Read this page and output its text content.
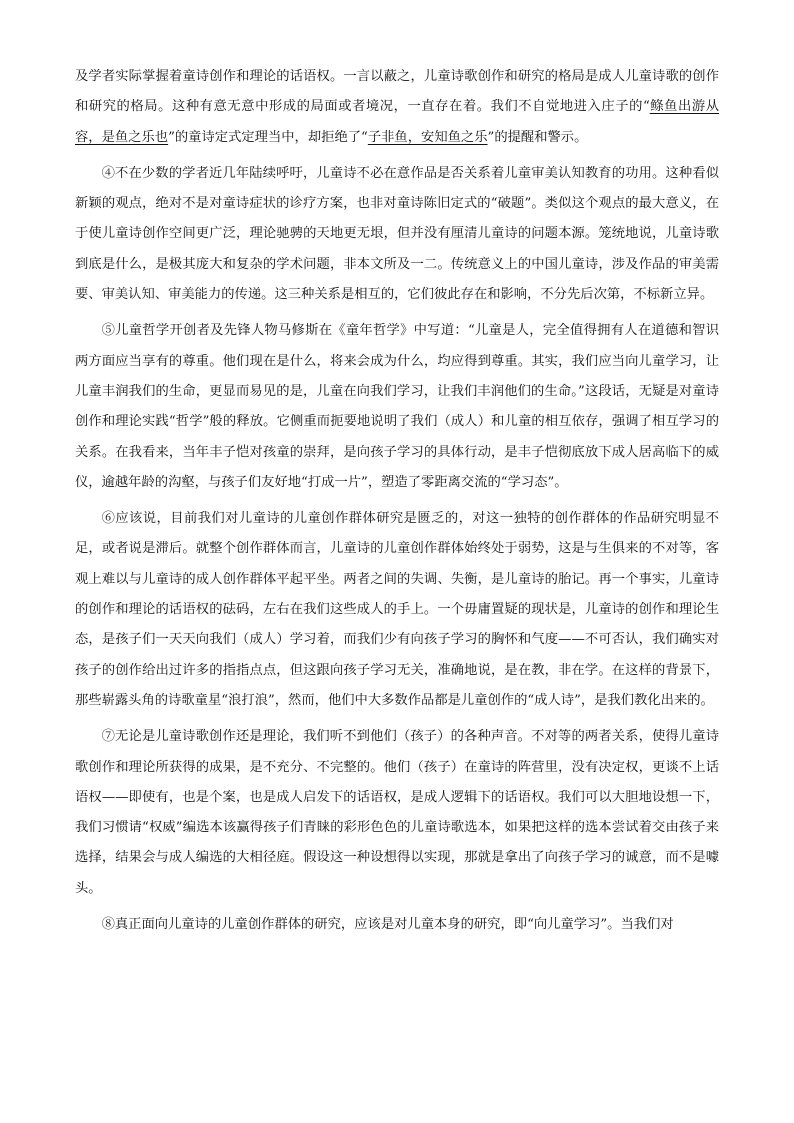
及学者实际掌握着童诗创作和理论的话语权。一言以蔽之，儿童诗歌创作和研究的格局是成人儿童诗歌的创作和研究的格局。这种有意无意中形成的局面或者境况，一直存在着。我们不自觉地进入庄子的“鲦鱼出游从容，是鱼之乐也”的童诗定式定理当中，却拒绝了“子非鱼，安知鱼之乐”的提醒和警示。

④不在少数的学者近几年陆续呼吁，儿童诗不必在意作品是否关系着儿童审美认知教育的功用。这种看似新颖的观点，绝对不是对童诗症状的诊疗方案，也非对童诗陈旧定式的“破题”。类似这个观点的最大意义，在于使儿童诗创作空间更广泛，理论驰骋的天地更无垠，但并没有厘清儿童诗的问题本源。笼统地说，儿童诗歌到底是什么，是极其庞大和复杂的学术问题，非本文所及一二。传统意义上的中国儿童诗，涉及作品的审美需要、审美认知、审美能力的传递。这三种关系是相互的，它们彼此存在和影响，不分先后次第，不标新立异。

⑤儿童哲学开创者及先锋人物马修斯在《童年哲学》中写道：“儿童是人，完全值得拥有人在道德和智识两方面应当享有的尊重。他们现在是什么，将来会成为什么，均应得到尊重。其实，我们应当向儿童学习，让儿童丰润我们的生命，更显而易见的是，儿童在向我们学习，让我们丰润他们的生命。”这段话，无疑是对童诗创作和理论实践“哲学”般的释放。它侧重而扼要地说明了我们（成人）和儿童的相互依存，强调了相互学习的关系。在我看来，当年丰子恺对孩童的崇拜，是向孩子学习的具体行动，是丰子恺彻底放下成人居高临下的威仪，逾越年龄的沟壑，与孩子们友好地“打成一片”，塑造了零距离交流的“学习态”。

⑥应该说，目前我们对儿童诗的儿童创作群体研究是匮乏的，对这一独特的创作群体的作品研究明显不足，或者说是滞后。就整个创作群体而言，儿童诗的儿童创作群体始终处于弱势，这是与生俱来的不对等，客观上难以与儿童诗的成人创作群体平起平坐。两者之间的失调、失衡，是儿童诗的胎记。再一个事实，儿童诗的创作和理论的话语权的砝码，左右在我们这些成人的手上。一个毋庸置疑的现状是，儿童诗的创作和理论生态，是孩子们一天天向我们（成人）学习着，而我们少有向孩子学习的胸怀和气度——不可否认，我们确实对孩子的创作给出过许多的指指点点，但这跟向孩子学习无关，准确地说，是在教，非在学。在这样的背景下，那些崭露头角的诗歌童星“浪打浪”，然而，他们中大多数作品都是儿童创作的“成人诗”，是我们教化出来的。

⑦无论是儿童诗歌创作还是理论，我们听不到他们（孩子）的各种声音。不对等的两者关系，使得儿童诗歌创作和理论所获得的成果，是不充分、不完整的。他们（孩子）在童诗的阵营里，没有决定权，更谈不上话语权——即使有，也是个案，也是成人启发下的话语权，是成人逻辑下的话语权。我们可以大胆地设想一下，我们习惯请“权威”编选本该赢得孩子们青睐的彩形色色的儿童诗歌选本，如果把这样的选本尝试着交由孩子来选择，结果会与成人编选的大相径庭。假设这一种设想得以实现，那就是拿出了向孩子学习的诚意，而不是噱头。

⑧真正面向儿童诗的儿童创作群体的研究，应该是对儿童本身的研究，即“向儿童学习”。当我们对
